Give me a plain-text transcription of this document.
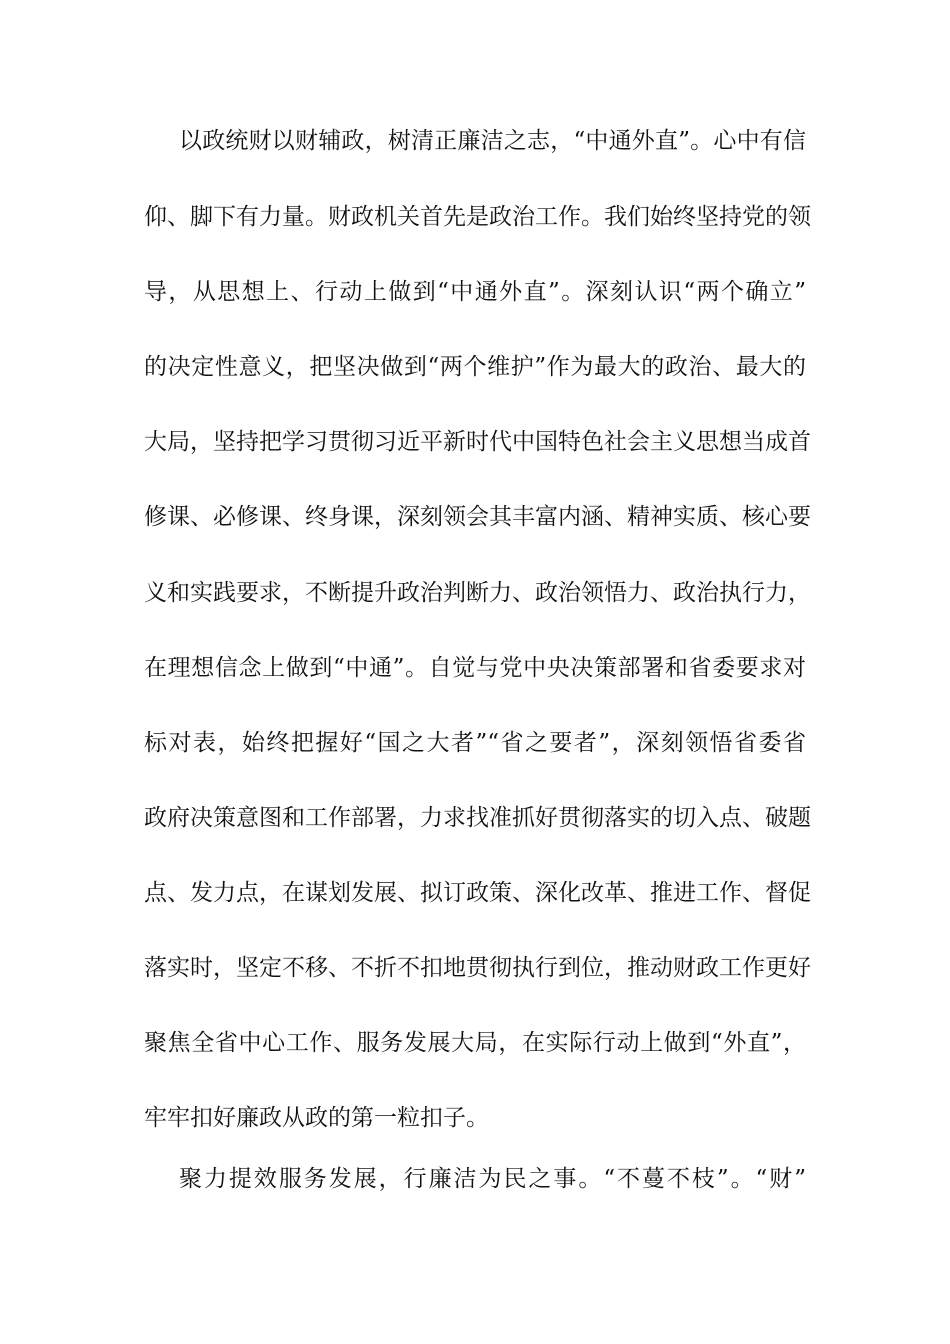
以政统财以财辅政，树清正廉洁之志，“中通外直”。心中有信
仰、脚下有力量。财政机关首先是政治工作。我们始终坚持党的领
导，从思想上、行动上做到“中通外直”。深刻认识“两个确立”
的决定性意义，把坚决做到“两个维护”作为最大的政治、最大的
大局，坚持把学习贯彻习近平新时代中国特色社会主义思想当成首
修课、必修课、终身课，深刻领会其丰富内涵、精神实质、核心要
义和实践要求，不断提升政治判断力、政治领悟力、政治执行力，
在理想信念上做到“中通”。自觉与党中央决策部署和省委要求对
标对表，始终把握好“国之大者”“省之要者”，深刻领悟省委省
政府决策意图和工作部署，力求找准抓好贯彻落实的切入点、破题
点、发力点，在谋划发展、拟订政策、深化改革、推进工作、督促
落实时，坚定不移、不折不扣地贯彻执行到位，推动财政工作更好
聚焦全省中心工作、服务发展大局，在实际行动上做到“外直”，
牢牢扣好廉政从政的第一粒扣子。
聚力提效服务发展，行廉洁为民之事。“不蔓不枝”。“财”
